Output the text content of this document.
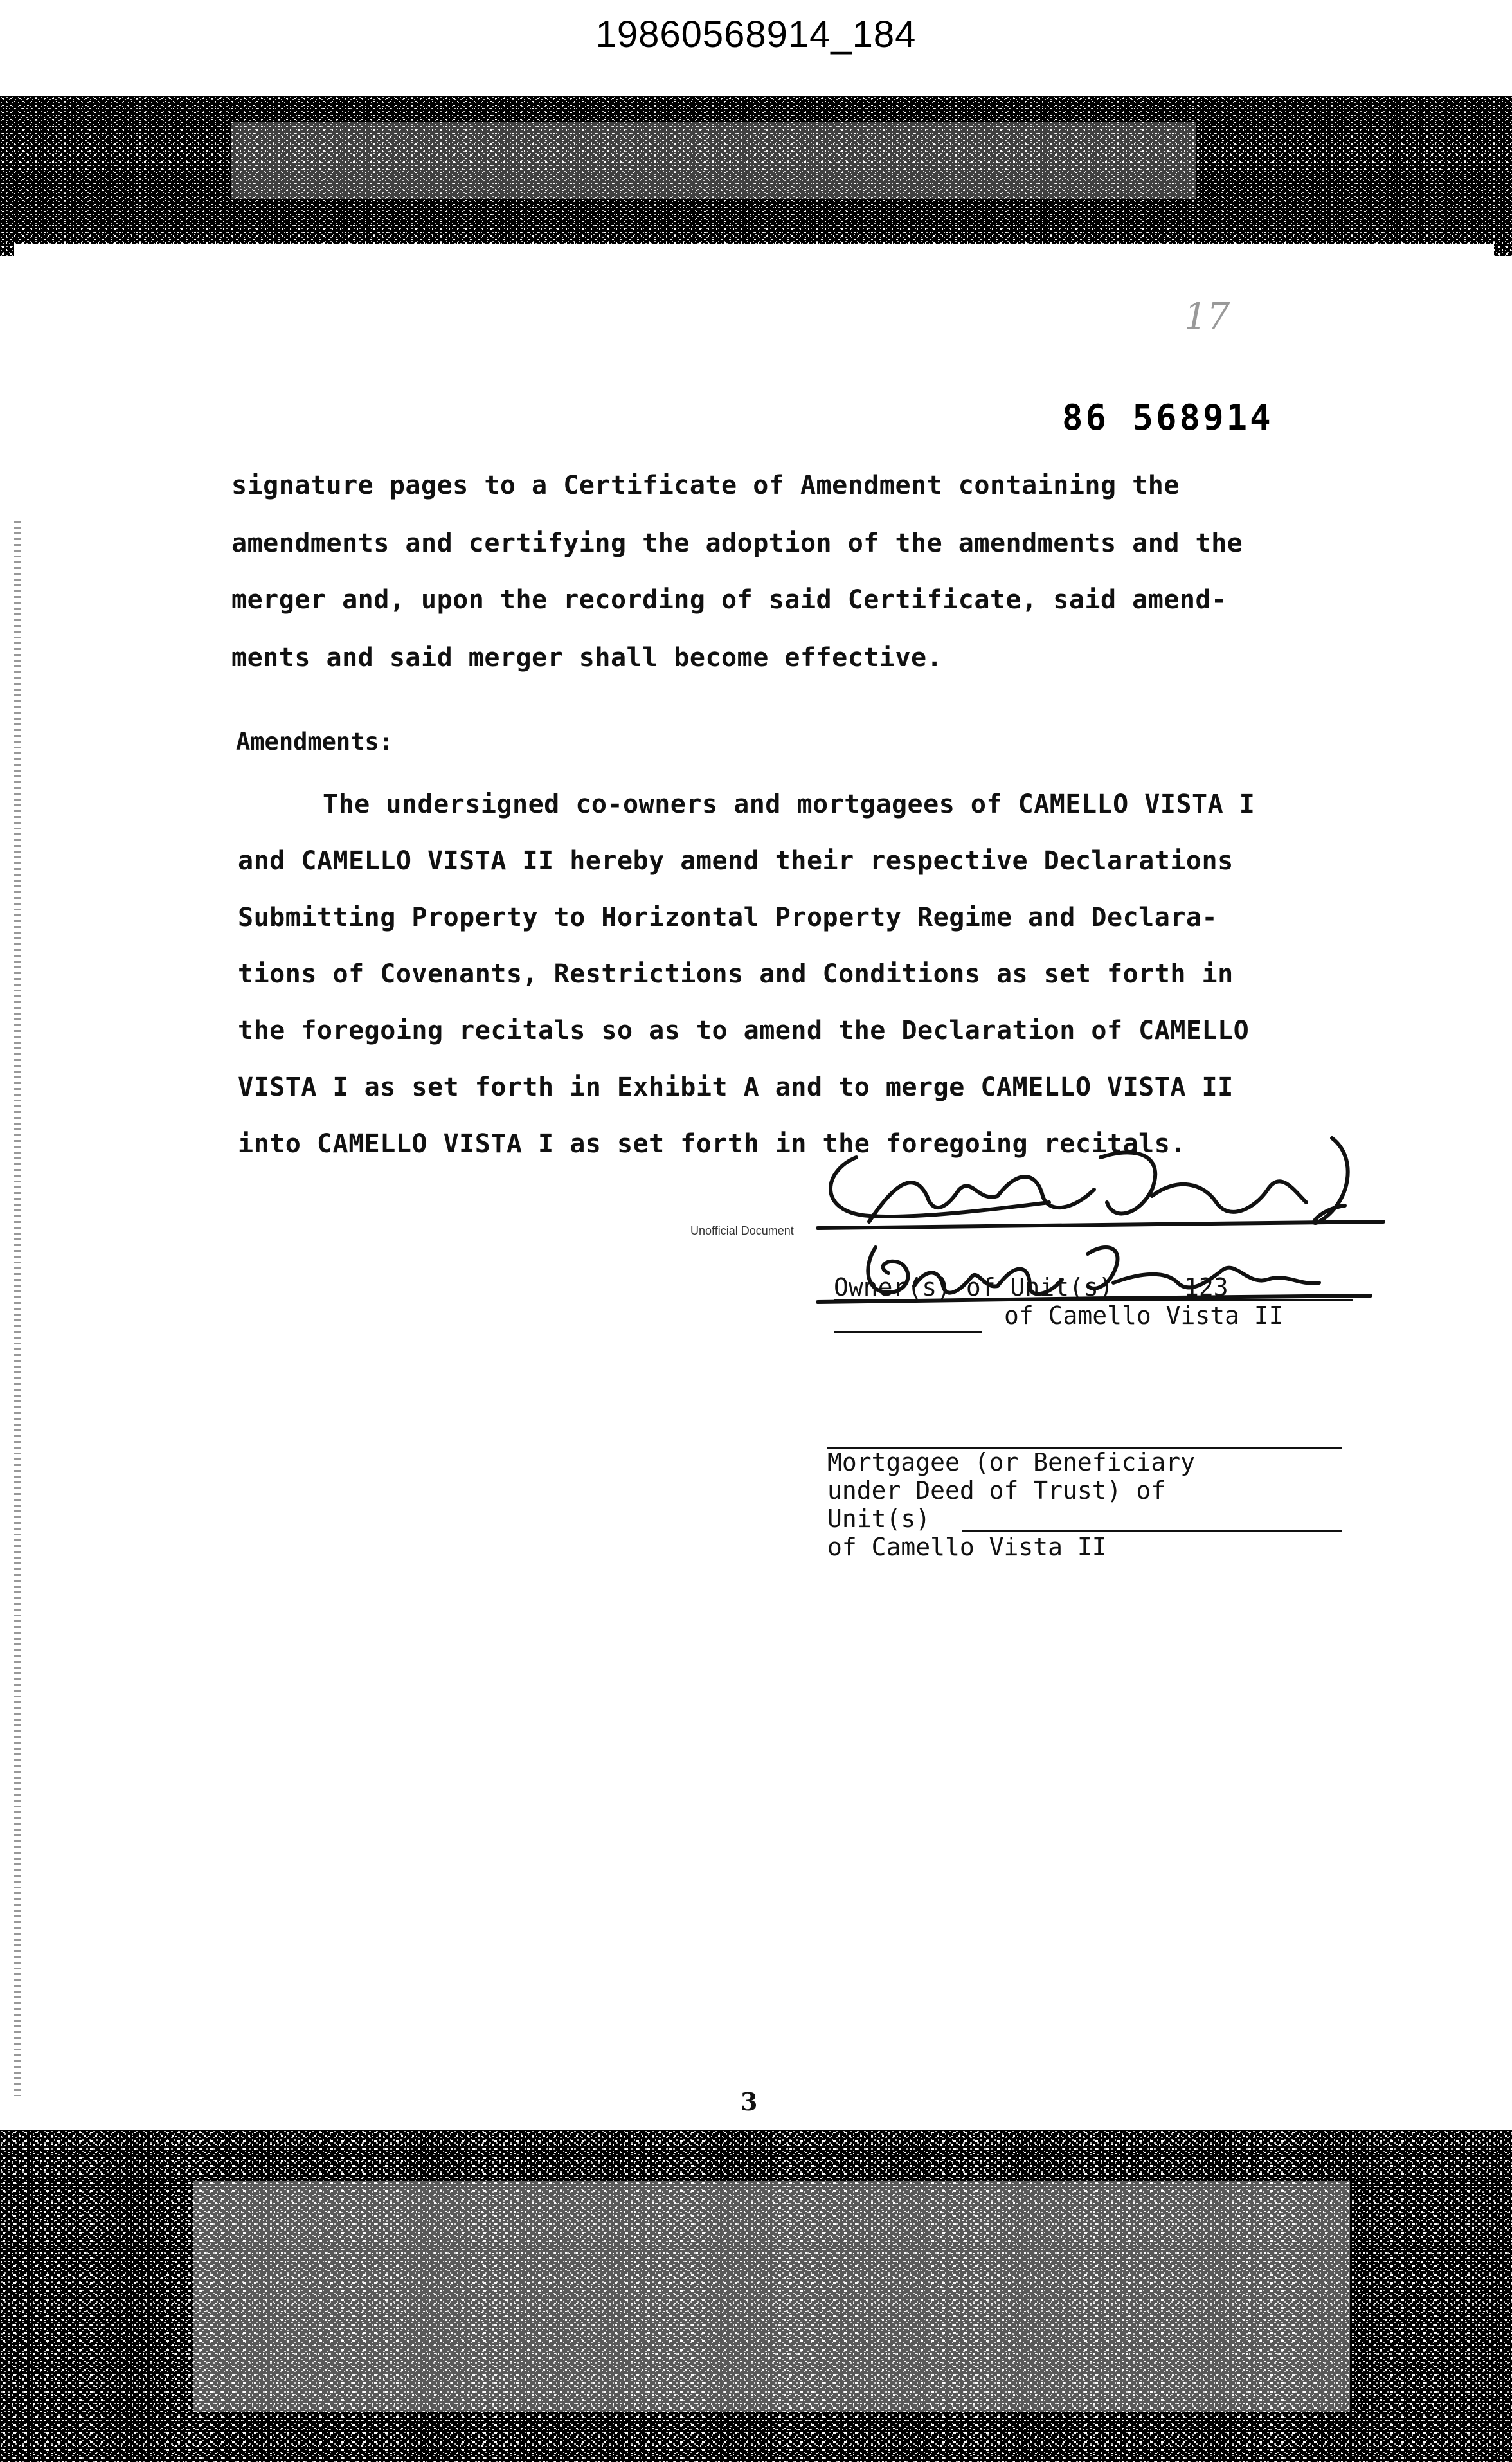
19860568914_184
17
86 568914
signature pages to a Certificate of Amendment containing the
amendments and certifying the adoption of the amendments and the
merger and, upon the recording of said Certificate, said amend-
ments and said merger shall become effective.
Amendments:
The undersigned co-owners and mortgagees of CAMELLO VISTA I
and CAMELLO VISTA II hereby amend their respective Declarations
Submitting Property to Horizontal Property Regime and Declara-
tions of Covenants, Restrictions and Conditions as set forth in
the foregoing recitals so as to amend the Declaration of CAMELLO
VISTA I as set forth in Exhibit A and to merge CAMELLO VISTA II
into CAMELLO VISTA I as set forth in the foregoing recitals.
Unofficial Document
Owner(s) of Unit(s)	123
of Camello Vista II
Mortgagee (or Beneficiary
under Deed of Trust) of
Unit(s)
of Camello Vista II
3
